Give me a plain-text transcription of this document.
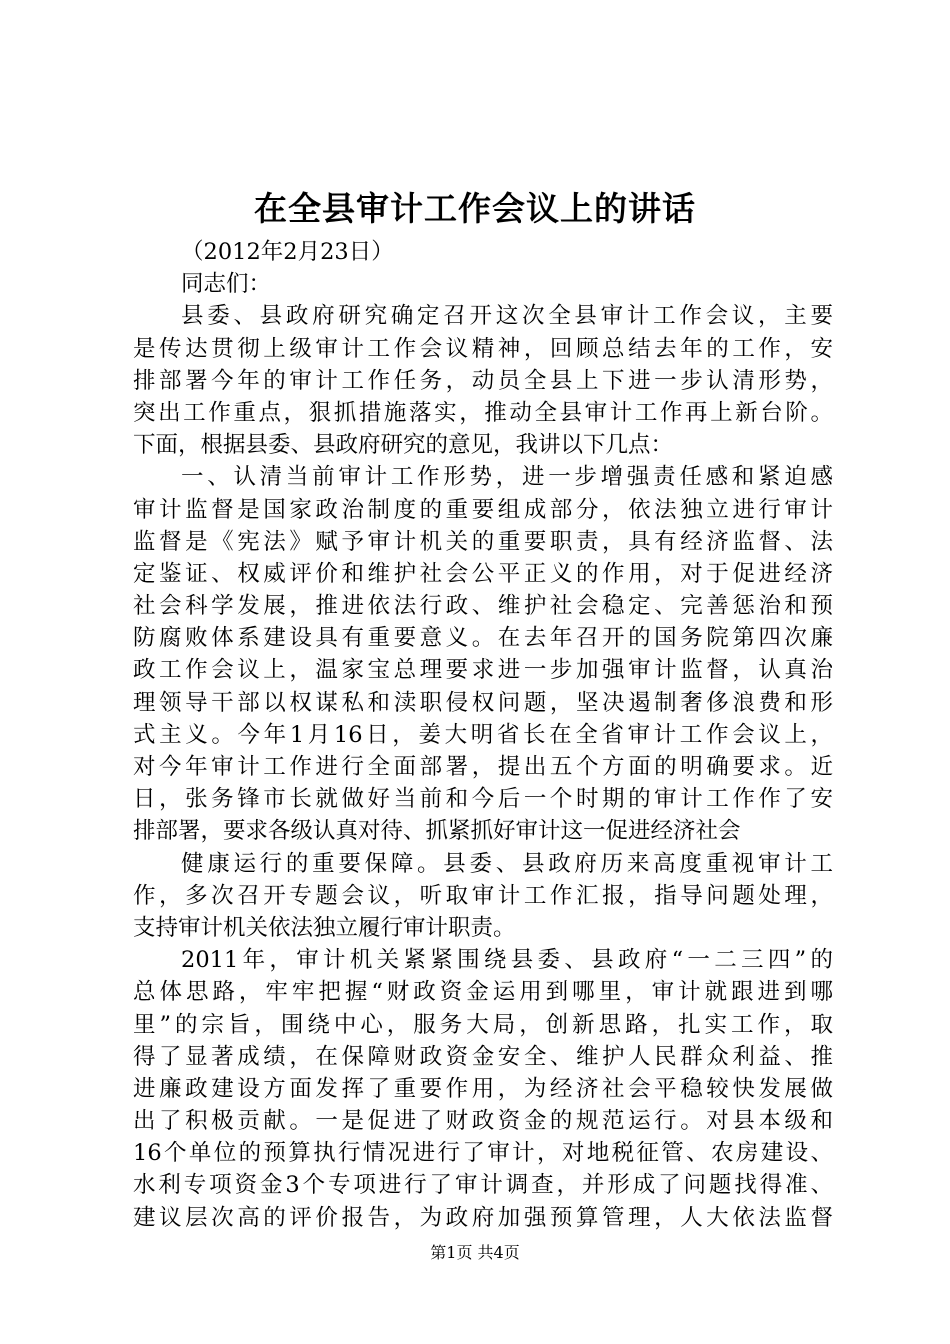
在全县审计工作会议上的讲话
（2012年2月23日）
同志们：
县委、县政府研究确定召开这次全县审计工作会议，主要
是传达贯彻上级审计工作会议精神，回顾总结去年的工作，安
排部署今年的审计工作任务，动员全县上下进一步认清形势，
突出工作重点，狠抓措施落实，推动全县审计工作再上新台阶。
下面，根据县委、县政府研究的意见，我讲以下几点：
一、认清当前审计工作形势，进一步增强责任感和紧迫感
审计监督是国家政治制度的重要组成部分，依法独立进行审计
监督是《宪法》赋予审计机关的重要职责，具有经济监督、法
定鉴证、权威评价和维护社会公平正义的作用，对于促进经济
社会科学发展，推进依法行政、维护社会稳定、完善惩治和预
防腐败体系建设具有重要意义。在去年召开的国务院第四次廉
政工作会议上，温家宝总理要求进一步加强审计监督，认真治
理领导干部以权谋私和渎职侵权问题，坚决遏制奢侈浪费和形
式主义。今年1月16日，姜大明省长在全省审计工作会议上，
对今年审计工作进行全面部署，提出五个方面的明确要求。近
日，张务锋市长就做好当前和今后一个时期的审计工作作了安
排部署，要求各级认真对待、抓紧抓好审计这一促进经济社会
健康运行的重要保障。县委、县政府历来高度重视审计工
作，多次召开专题会议，听取审计工作汇报，指导问题处理，
支持审计机关依法独立履行审计职责。
2011年，审计机关紧紧围绕县委、县政府“一二三四”的
总体思路，牢牢把握“财政资金运用到哪里，审计就跟进到哪
里”的宗旨，围绕中心，服务大局，创新思路，扎实工作，取
得了显著成绩，在保障财政资金安全、维护人民群众利益、推
进廉政建设方面发挥了重要作用，为经济社会平稳较快发展做
出了积极贡献。一是促进了财政资金的规范运行。对县本级和
16个单位的预算执行情况进行了审计，对地税征管、农房建设、
水利专项资金3个专项进行了审计调查，并形成了问题找得准、
建议层次高的评价报告，为政府加强预算管理，人大依法监督
第1页 共4页
